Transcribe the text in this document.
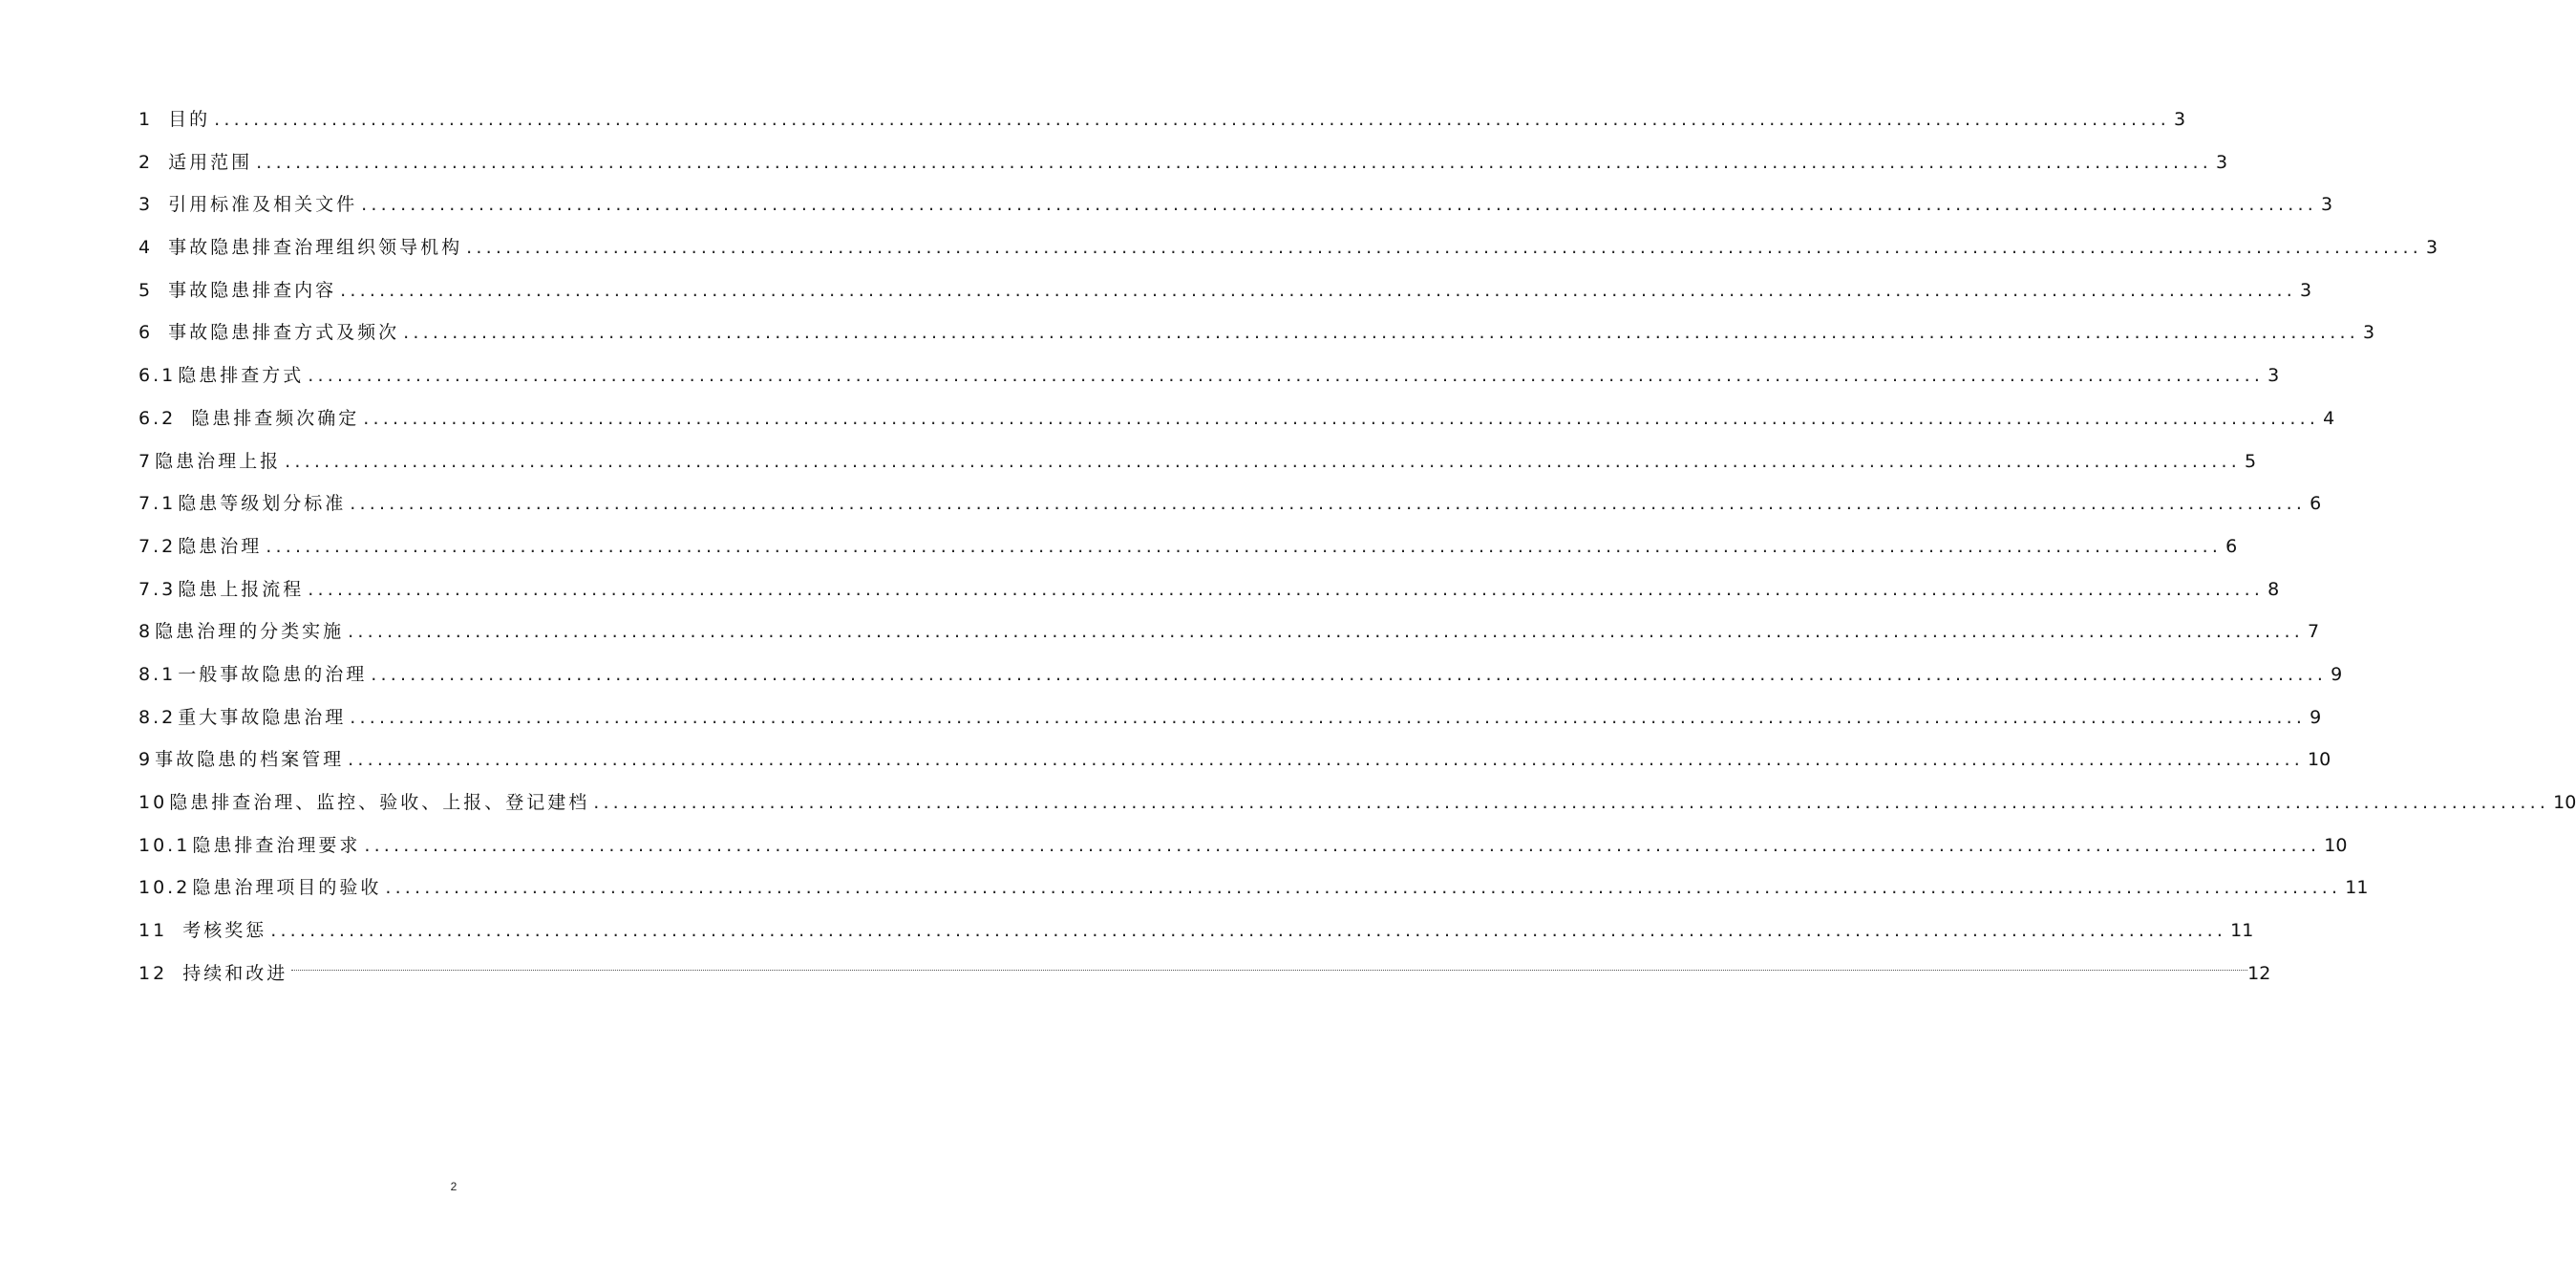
1 目的 ........................................................................................................................................................................................................ 3
2 适用范围 ........................................................................................................................................................................................................ 3
3 引用标准及相关文件 ........................................................................................................................................................................................................ 3
4 事故隐患排查治理组织领导机构 ........................................................................................................................................................................................................ 3
5 事故隐患排查内容 ........................................................................................................................................................................................................ 3
6 事故隐患排查方式及频次 ........................................................................................................................................................................................................ 3
6.1 隐患排查方式 ........................................................................................................................................................................................................ 3
6.2 隐患排查频次确定 ........................................................................................................................................................................................................ 4
7 隐患治理上报 ........................................................................................................................................................................................................ 5
7.1 隐患等级划分标准 ........................................................................................................................................................................................................ 6
7.2 隐患治理 ........................................................................................................................................................................................................ 6
7.3 隐患上报流程 ........................................................................................................................................................................................................ 8
8 隐患治理的分类实施 ........................................................................................................................................................................................................ 7
8.1 一般事故隐患的治理 ........................................................................................................................................................................................................ 9
8.2 重大事故隐患治理 ........................................................................................................................................................................................................ 9
9 事故隐患的档案管理 ........................................................................................................................................................................................................ 10
10 隐患排查治理、监控、验收、上报、登记建档 ........................................................................................................................................................................................................ 10
10.1 隐患排查治理要求 ........................................................................................................................................................................................................ 10
10.2 隐患治理项目的验收 ........................................................................................................................................................................................................ 11
11 考核奖惩 ........................................................................................................................................................................................................ 11
12 持续和改进	12
2
